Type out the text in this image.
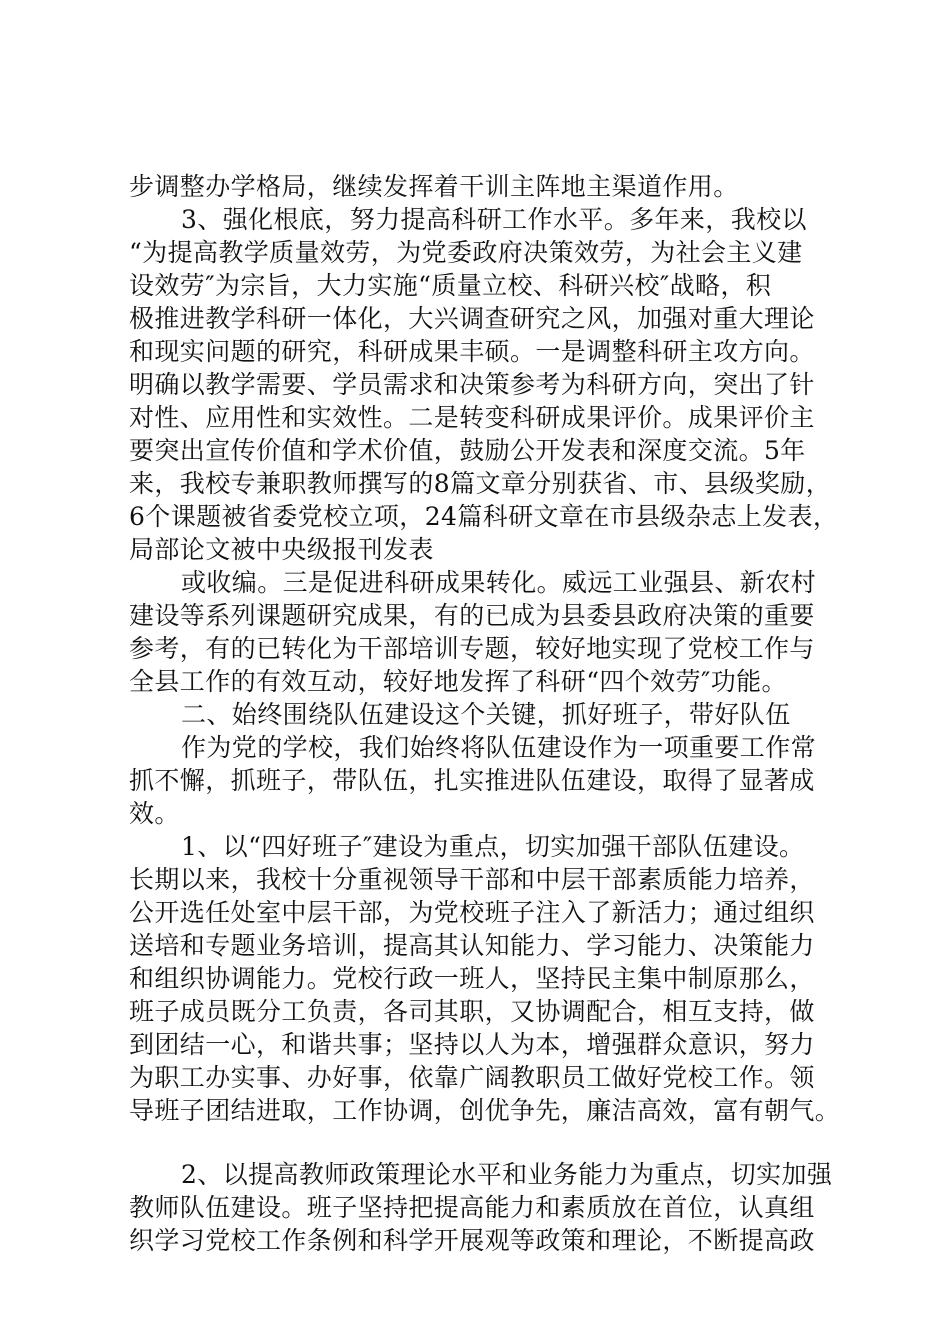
步调整办学格局，继续发挥着干训主阵地主渠道作用。
3、强化根底，努力提高科研工作水平。多年来，我校以
“为提高教学质量效劳，为党委政府决策效劳，为社会主义建
设效劳″为宗旨，大力实施“质量立校、科研兴校″战略，积
极推进教学科研一体化，大兴调查研究之风，加强对重大理论
和现实问题的研究，科研成果丰硕。一是调整科研主攻方向。
明确以教学需要、学员需求和决策参考为科研方向，突出了针
对性、应用性和实效性。二是转变科研成果评价。成果评价主
要突出宣传价值和学术价值，鼓励公开发表和深度交流。5年
来，我校专兼职教师撰写的8篇文章分别获省、市、县级奖励，
6个课题被省委党校立项，24篇科研文章在市县级杂志上发表，
局部论文被中央级报刊发表
或收编。三是促进科研成果转化。威远工业强县、新农村
建设等系列课题研究成果，有的已成为县委县政府决策的重要
参考，有的已转化为干部培训专题，较好地实现了党校工作与
全县工作的有效互动，较好地发挥了科研“四个效劳″功能。
二、始终围绕队伍建设这个关键，抓好班子，带好队伍
作为党的学校，我们始终将队伍建设作为一项重要工作常
抓不懈，抓班子，带队伍，扎实推进队伍建设，取得了显著成
效。
1、以“四好班子″建设为重点，切实加强干部队伍建设。
长期以来，我校十分重视领导干部和中层干部素质能力培养，
公开选任处室中层干部，为党校班子注入了新活力；通过组织
送培和专题业务培训，提高其认知能力、学习能力、决策能力
和组织协调能力。党校行政一班人，坚持民主集中制原那么，
班子成员既分工负责，各司其职，又协调配合，相互支持，做
到团结一心，和谐共事；坚持以人为本，增强群众意识，努力
为职工办实事、办好事，依靠广阔教职员工做好党校工作。领
导班子团结进取，工作协调，创优争先，廉洁高效，富有朝气。
2、以提高教师政策理论水平和业务能力为重点，切实加强
教师队伍建设。班子坚持把提高能力和素质放在首位，认真组
织学习党校工作条例和科学开展观等政策和理论，不断提高政
